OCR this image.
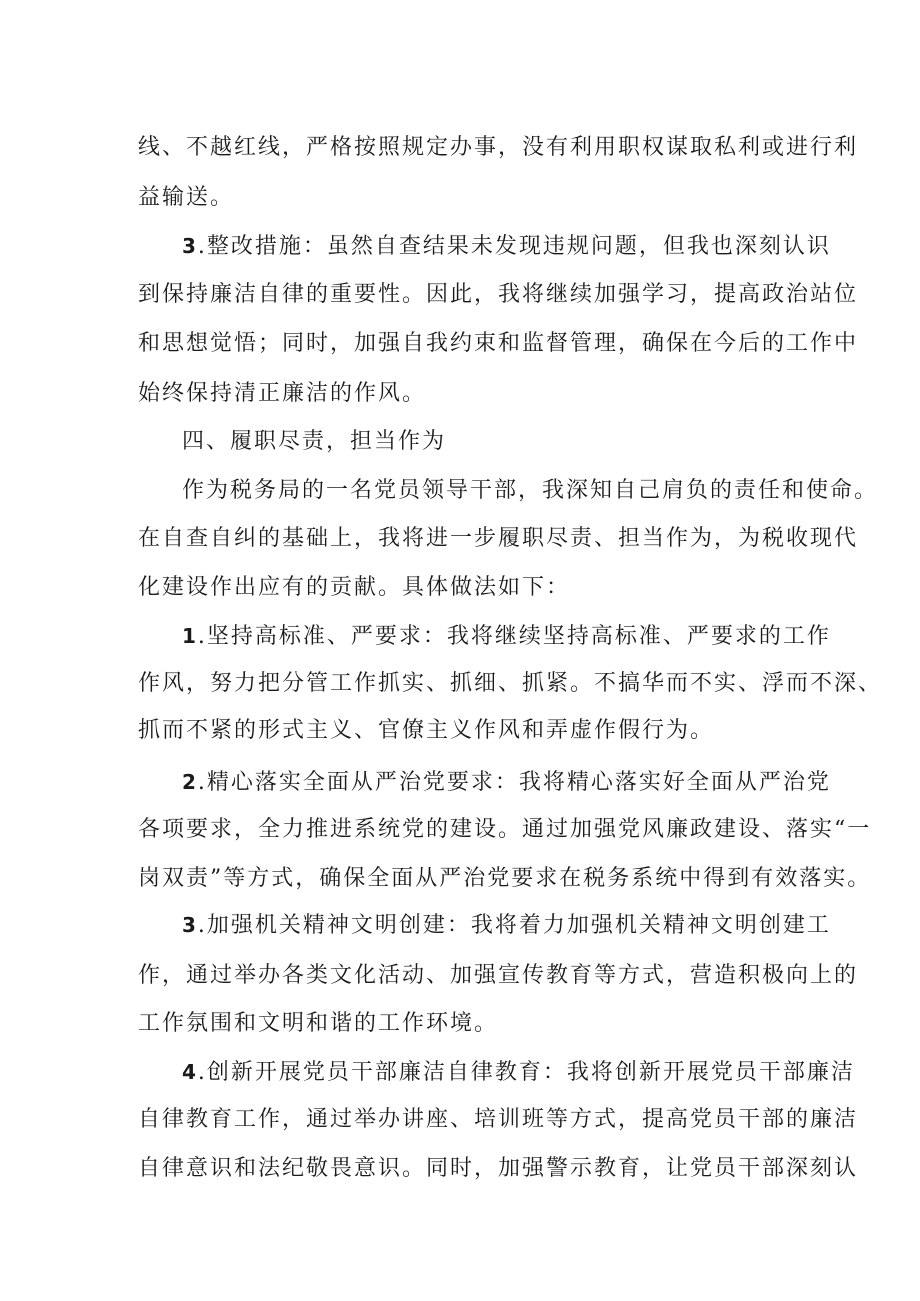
线、不越红线，严格按照规定办事，没有利用职权谋取私利或进行利
益输送。
3.整改措施：虽然自查结果未发现违规问题，但我也深刻认识
到保持廉洁自律的重要性。因此，我将继续加强学习，提高政治站位
和思想觉悟；同时，加强自我约束和监督管理，确保在今后的工作中
始终保持清正廉洁的作风。
四、履职尽责，担当作为
作为税务局的一名党员领导干部，我深知自己肩负的责任和使命。
在自查自纠的基础上，我将进一步履职尽责、担当作为，为税收现代
化建设作出应有的贡献。具体做法如下：
1.坚持高标准、严要求：我将继续坚持高标准、严要求的工作
作风，努力把分管工作抓实、抓细、抓紧。不搞华而不实、浮而不深、
抓而不紧的形式主义、官僚主义作风和弄虚作假行为。
2.精心落实全面从严治党要求：我将精心落实好全面从严治党
各项要求，全力推进系统党的建设。通过加强党风廉政建设、落实“一
岗双责”等方式，确保全面从严治党要求在税务系统中得到有效落实。
3.加强机关精神文明创建：我将着力加强机关精神文明创建工
作，通过举办各类文化活动、加强宣传教育等方式，营造积极向上的
工作氛围和文明和谐的工作环境。
4.创新开展党员干部廉洁自律教育：我将创新开展党员干部廉洁
自律教育工作，通过举办讲座、培训班等方式，提高党员干部的廉洁
自律意识和法纪敬畏意识。同时，加强警示教育，让党员干部深刻认
